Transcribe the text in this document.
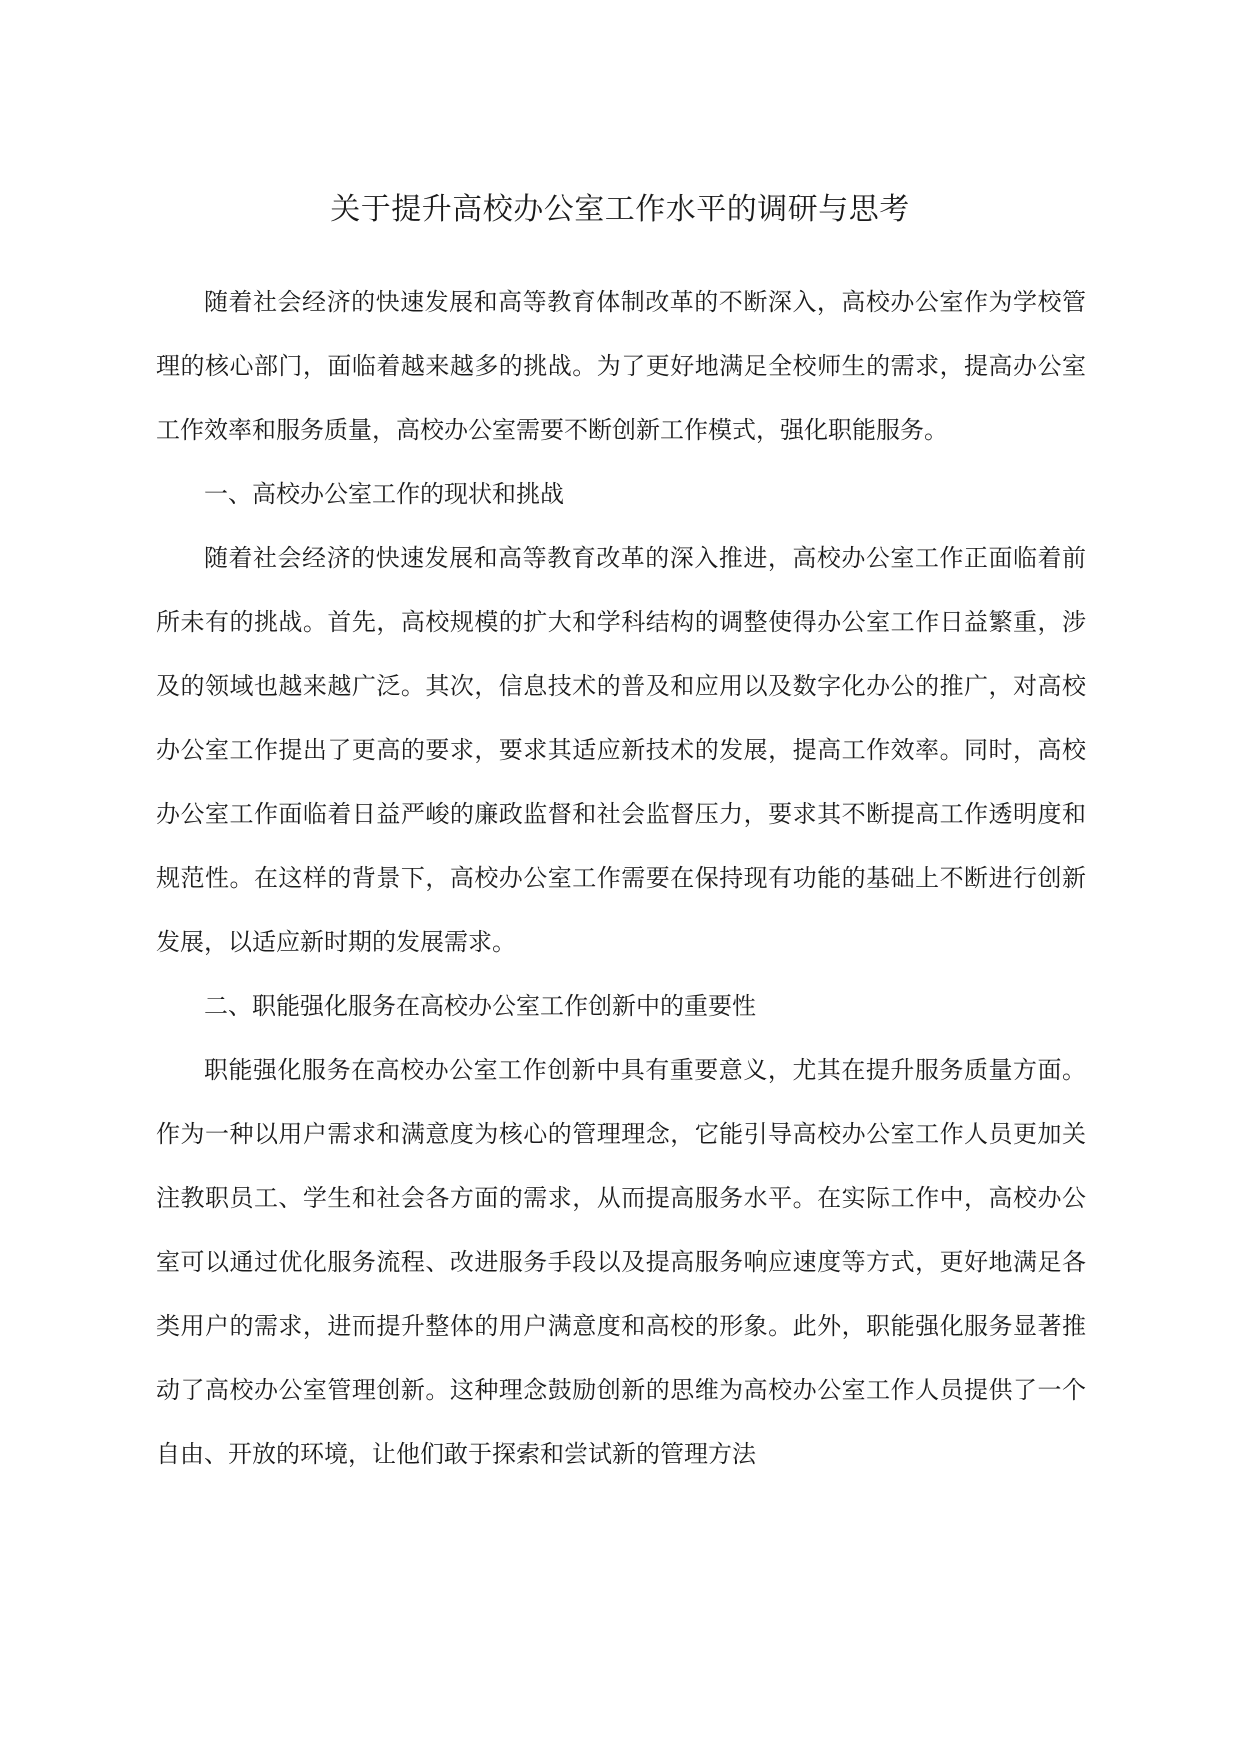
关于提升高校办公室工作水平的调研与思考

随着社会经济的快速发展和高等教育体制改革的不断深入，高校办公室作为学校管理的核心部门，面临着越来越多的挑战。为了更好地满足全校师生的需求，提高办公室工作效率和服务质量，高校办公室需要不断创新工作模式，强化职能服务。

一、高校办公室工作的现状和挑战

随着社会经济的快速发展和高等教育改革的深入推进，高校办公室工作正面临着前所未有的挑战。首先，高校规模的扩大和学科结构的调整使得办公室工作日益繁重，涉及的领域也越来越广泛。其次，信息技术的普及和应用以及数字化办公的推广，对高校办公室工作提出了更高的要求，要求其适应新技术的发展，提高工作效率。同时，高校办公室工作面临着日益严峻的廉政监督和社会监督压力，要求其不断提高工作透明度和规范性。在这样的背景下，高校办公室工作需要在保持现有功能的基础上不断进行创新发展，以适应新时期的发展需求。

二、职能强化服务在高校办公室工作创新中的重要性

职能强化服务在高校办公室工作创新中具有重要意义，尤其在提升服务质量方面。作为一种以用户需求和满意度为核心的管理理念，它能引导高校办公室工作人员更加关注教职员工、学生和社会各方面的需求，从而提高服务水平。在实际工作中，高校办公室可以通过优化服务流程、改进服务手段以及提高服务响应速度等方式，更好地满足各类用户的需求，进而提升整体的用户满意度和高校的形象。此外，职能强化服务显著推动了高校办公室管理创新。这种理念鼓励创新的思维为高校办公室工作人员提供了一个自由、开放的环境，让他们敢于探索和尝试新的管理方法
